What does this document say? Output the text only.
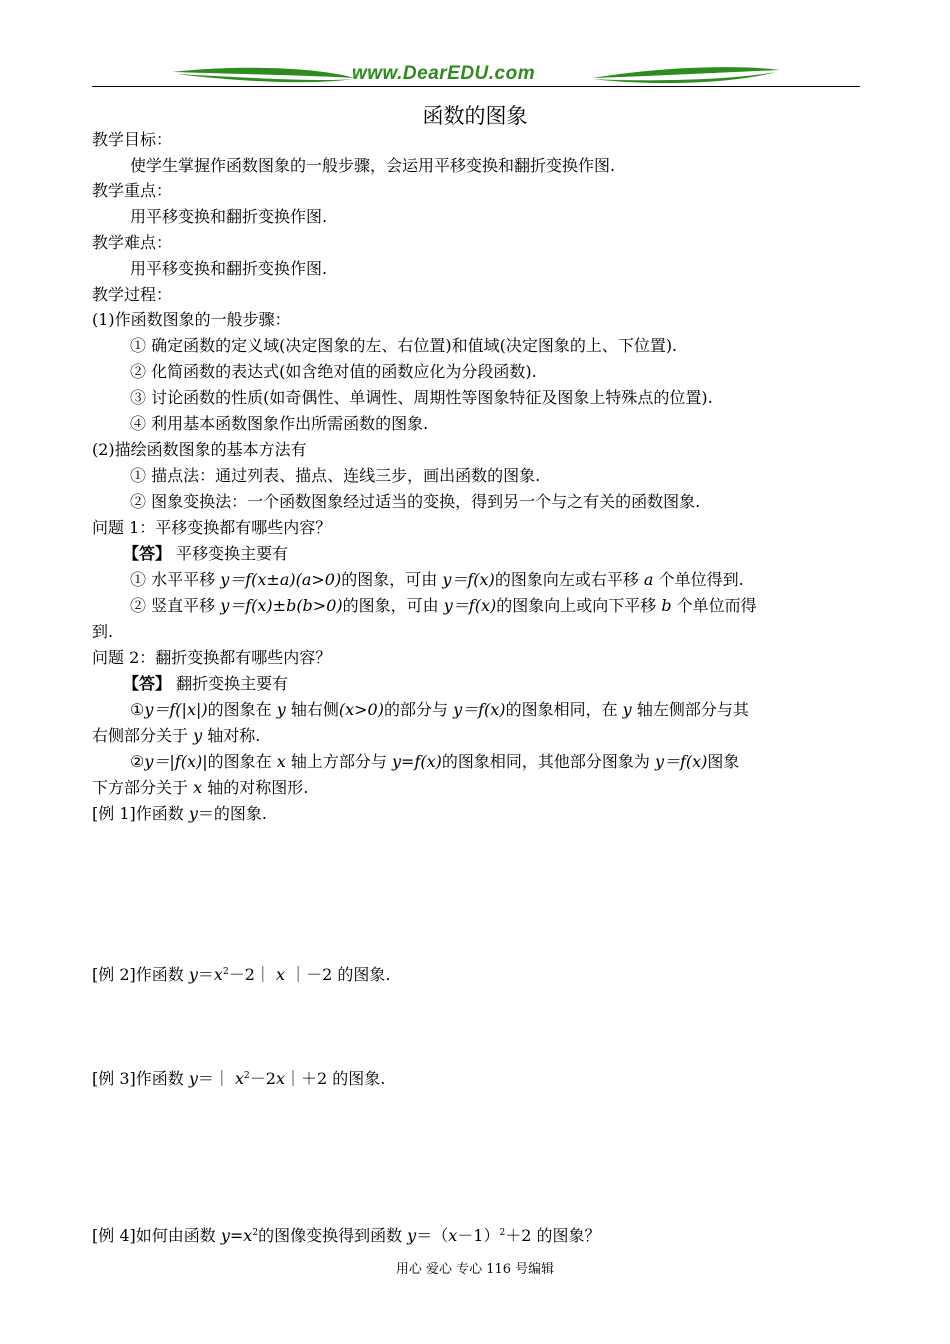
www.DearEDU.com
函数的图象
教学目标：
使学生掌握作函数图象的一般步骤，会运用平移变换和翻折变换作图.
教学重点：
用平移变换和翻折变换作图.
教学难点：
用平移变换和翻折变换作图.
教学过程：
(1)作函数图象的一般步骤：
① 确定函数的定义域(决定图象的左、右位置)和值域(决定图象的上、下位置).
② 化简函数的表达式(如含绝对值的函数应化为分段函数).
③ 讨论函数的性质(如奇偶性、单调性、周期性等图象特征及图象上特殊点的位置).
④ 利用基本函数图象作出所需函数的图象.
(2)描绘函数图象的基本方法有
① 描点法：通过列表、描点、连线三步，画出函数的图象.
② 图象变换法：一个函数图象经过适当的变换，得到另一个与之有关的函数图象.
问题 1：平移变换都有哪些内容？
【答】 平移变换主要有
① 水平平移 y＝f(x±a)(a>0)的图象，可由 y＝f(x)的图象向左或右平移 a 个单位得到.
② 竖直平移 y＝f(x)±b(b>0)的图象，可由 y＝f(x)的图象向上或向下平移 b 个单位而得
到.
问题 2：翻折变换都有哪些内容？
【答】 翻折变换主要有
①y＝f(|x|)的图象在 y 轴右侧(x>0)的部分与 y＝f(x)的图象相同，在 y 轴左侧部分与其
右侧部分关于 y 轴对称.
②y＝|f(x)|的图象在 x 轴上方部分与 y=f(x)的图象相同，其他部分图象为 y＝f(x)图象
下方部分关于 x 轴的对称图形.
[例 1]作函数 y＝的图象.
[例 2]作函数 $y=x^2-2|$ x ｜－2 的图象.
[例 3]作函数 y＝｜ $x^2-2x|+2$ 的图象.
[例 4]如何由函数 $y=x^2$的图像变换得到函数 $y=(x-1)^2+2$ 的图象？
用心 爱心 专心 116 号编辑
